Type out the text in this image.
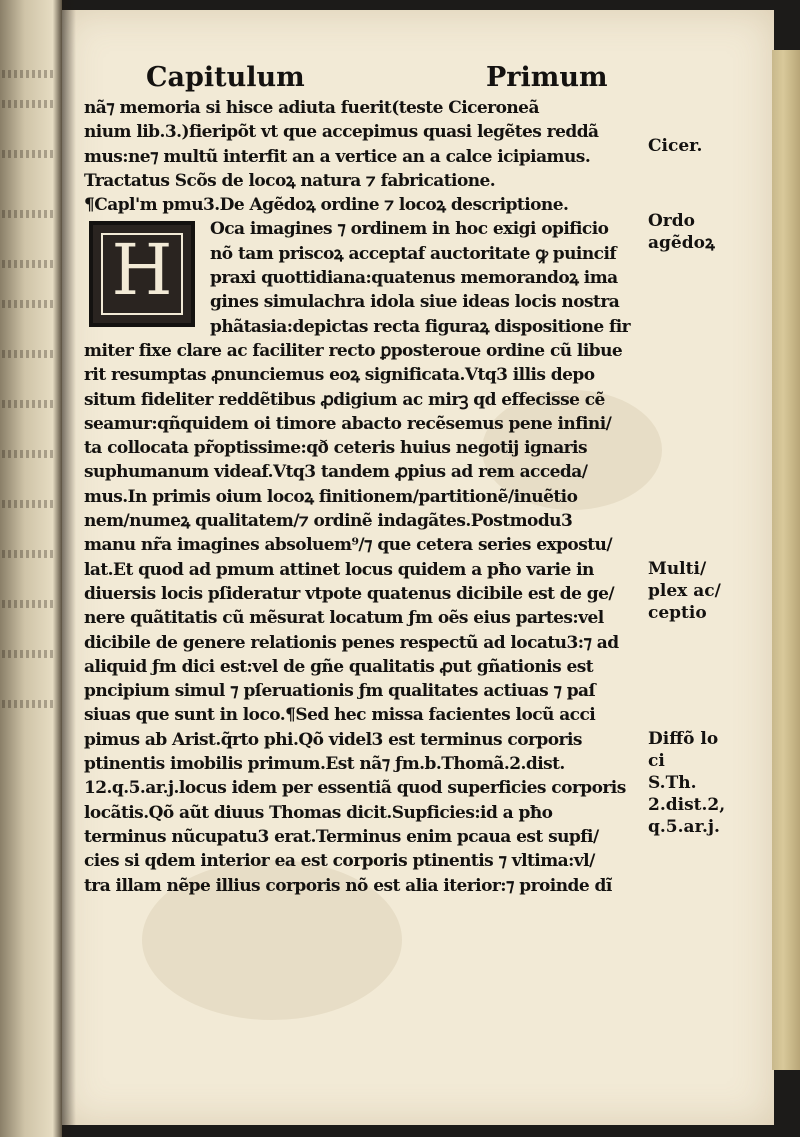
Capitulum	Primum
nã⁊ memoria si hisce adiuta fuerit(teste Ciceroneã
nium lib.3.)fieripõt vt que accepimus quasi legẽtes reddã
mus:ne⁊ multũ interfit an a vertice an a calce icipiamus.
Tractatus Scõs de locoꝝ natura ⁊ fabricatione.
¶Capl'm pmu3.De Agẽdoꝝ ordine ⁊ locoꝝ descriptione.
Oca imagines ⁊ ordinem in hoc exigi opificio
nõ tam priscoꝝ acceptaf auctoritate ꝙ puincif
praxi quottidiana:quatenus memorandoꝝ ima
gines simulachra idola siue ideas locis nostra
phãtasia:depictas recta figuraꝝ dispositione fir
miter fixe clare ac faciliter recto ꝑposteroue ordine cũ libue
rit resumptas ꝓnunciemus eoꝝ significata.Vtq3 illis depo
situm fideliter reddẽtibus ꝓdigium ac mirꝫ qd effecisse cẽ
seamur:qñquidem oi timore abacto recẽsemus pene infini/
ta collocata pr̃optissime:qð ceteris huius negotij ignaris
suphumanum videaf.Vtq3 tandem ꝓpius ad rem acceda/
mus.In primis oium locoꝝ finitionem/partitionẽ/inuẽtio
nem/numeꝝ qualitatem/⁊ ordinẽ indagãtes.Postmodu3
manu nr̃a imagines absoluem⁹/⁊ que cetera series expostu/
lat.Et quod ad pmum attinet locus quidem a pħo varie in
diuersis locis pſideratur vtpote quatenus dicibile est de ge/
nere quãtitatis cũ mẽsurat locatum ƒm oẽs eius partes:vel
dicibile de genere relationis penes respectũ ad locatu3:⁊ ad
aliquid ƒm dici est:vel de gñe qualitatis ꝓut gñationis est
pncipium simul ⁊ pſeruationis ƒm qualitates actiuas ⁊ paſ
siuas que sunt in loco.¶Sed hec missa facientes locũ acci
pimus ab Arist.q̃rto phi.Qõ videl3 est terminus corporis
ptinentis imobilis primum.Est nã⁊ ƒm.b.Thomã.2.dist.
12.q.5.ar.j.locus idem per essentiã quod superficies corporis
locãtis.Qõ aũt diuus Thomas dicit.Supficies:id a pħo
terminus nũcupatu3 erat.Terminus enim pcaua est supfi/
cies si qdem interior ea est corporis ptinentis ⁊ vltima:vl/
tra illam nẽpe illius corporis nõ est alia iterior:⁊ proinde dĩ
H
Cicer.
Ordo
agẽdoꝝ
Multi/
plex ac/
ceptio
Diffõ lo
ci
S.Th.
2.dist.2,
q.5.ar.j.
